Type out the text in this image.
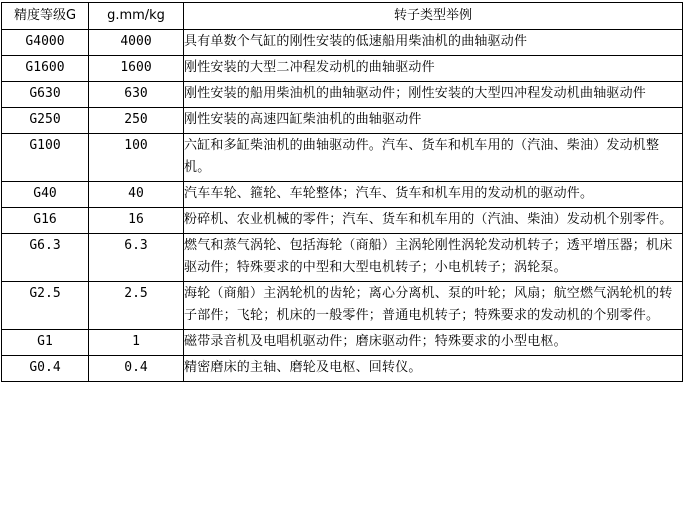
精度等级G	g.mm/kg	转子类型举例
G4000	4000	具有单数个气缸的刚性安装的低速船用柴油机的曲轴驱动件
G1600	1600	刚性安装的大型二冲程发动机的曲轴驱动件
G630	630	刚性安装的船用柴油机的曲轴驱动件；刚性安装的大型四冲程发动机曲轴驱动件
G250	250	刚性安装的高速四缸柴油机的曲轴驱动件
G100	100	六缸和多缸柴油机的曲轴驱动件。汽车、货车和机车用的（汽油、柴油）发动机整机。
G40	40	汽车车轮、箍轮、车轮整体；汽车、货车和机车用的发动机的驱动件。
G16	16	粉碎机、农业机械的零件；汽车、货车和机车用的（汽油、柴油）发动机个别零件。
G6.3	6.3	燃气和蒸气涡轮、包括海轮（商船）主涡轮刚性涡轮发动机转子；透平增压器；机床驱动件；特殊要求的中型和大型电机转子；小电机转子；涡轮泵。
G2.5	2.5	海轮（商船）主涡轮机的齿轮；离心分离机、泵的叶轮；风扇；航空燃气涡轮机的转子部件；飞轮；机床的一般零件；普通电机转子；特殊要求的发动机的个别零件。
G1	1	磁带录音机及电唱机驱动件；磨床驱动件；特殊要求的小型电枢。
G0.4	0.4	精密磨床的主轴、磨轮及电枢、回转仪。
